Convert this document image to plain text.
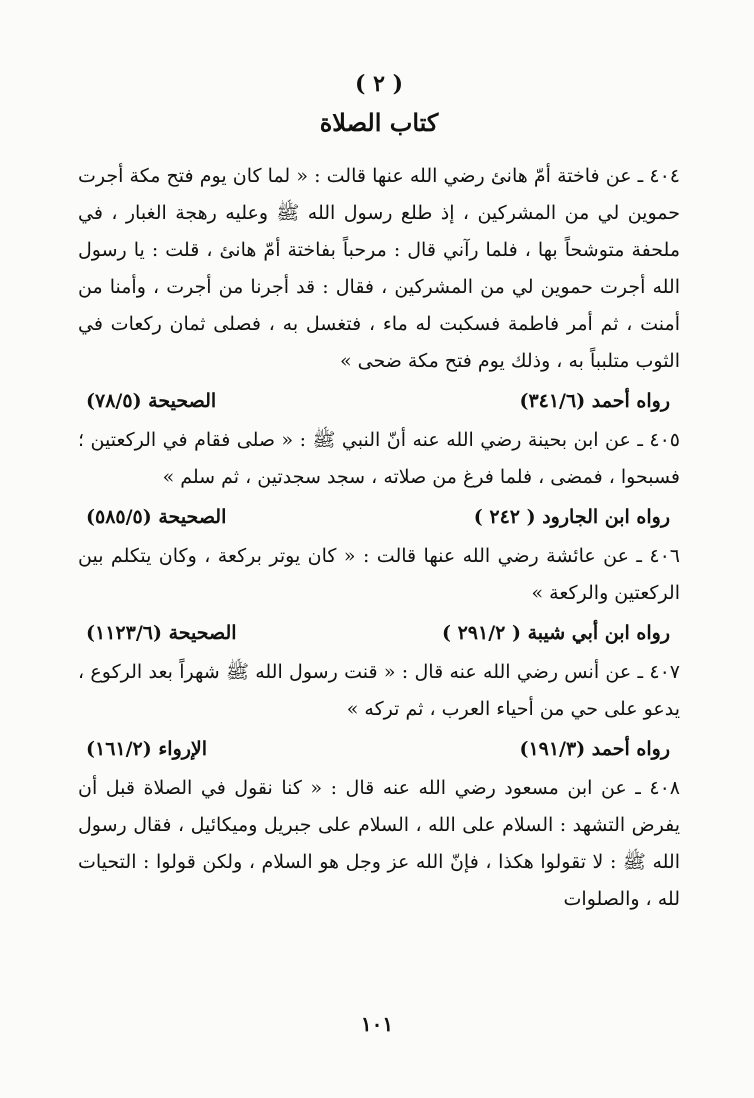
( ٢ )
كتاب الصلاة

٤٠٤ ـ عن فاختة أمّ هانئ رضي الله عنها قالت : « لما كان يوم فتح مكة أجرت حموين لي من المشركين ، إذ طلع رسول الله ﷺ وعليه رهجة الغبار ، في ملحفة متوشحاً بها ، فلما رآني قال : مرحباً بفاختة أمّ هانئ ، قلت : يا رسول الله أجرت حموين لي من المشركين ، فقال : قد أجرنا من أجرت ، وأمنا من أمنت ، ثم أمر فاطمة فسكبت له ماء ، فتغسل به ، فصلى ثمان ركعات في الثوب متلبباً به ، وذلك يوم فتح مكة ضحى »

رواه أحمد (٣٤١/٦)
الصحيحة (٧٨/٥)

٤٠٥ ـ عن ابن بحينة رضي الله عنه أنّ النبي ﷺ : « صلى فقام في الركعتين ؛ فسبحوا ، فمضى ، فلما فرغ من صلاته ، سجد سجدتين ، ثم سلم »

رواه ابن الجارود ( ٢٤٢ )
الصحيحة (٥٨٥/٥)

٤٠٦ ـ عن عائشة رضي الله عنها قالت : « كان يوتر بركعة ، وكان يتكلم بين الركعتين والركعة »

رواه ابن أبي شيبة ( ٢٩١/٢ )
الصحيحة (١١٢٣/٦)

٤٠٧ ـ عن أنس رضي الله عنه قال : « قنت رسول الله ﷺ شهراً بعد الركوع ، يدعو على حي من أحياء العرب ، ثم تركه »

رواه أحمد (١٩١/٣)
الإرواء (١٦١/٢)

٤٠٨ ـ عن ابن مسعود رضي الله عنه قال : « كنا نقول في الصلاة قبل أن يفرض التشهد : السلام على الله ، السلام على جبريل وميكائيل ، فقال رسول الله ﷺ : لا تقولوا هكذا ، فإنّ الله عز وجل هو السلام ، ولكن قولوا : التحيات لله ، والصلوات

١٠١
